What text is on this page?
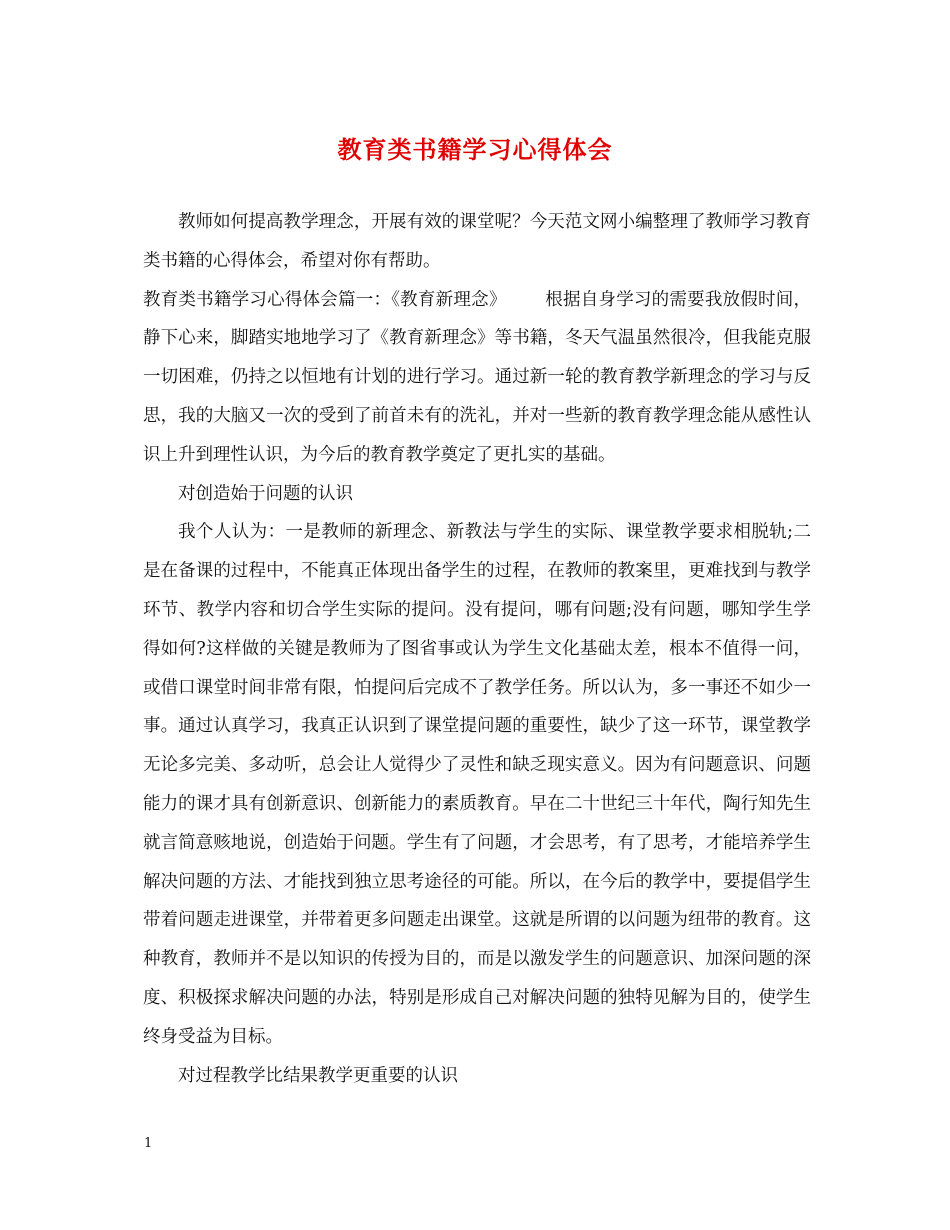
教育类书籍学习心得体会

教师如何提高教学理念，开展有效的课堂呢？今天范文网小编整理了教师学习教育类书籍的心得体会，希望对你有帮助。

教育类书籍学习心得体会篇一：《教育新理念》 根据自身学习的需要我放假时间，静下心来，脚踏实地地学习了《教育新理念》等书籍，冬天气温虽然很冷，但我能克服一切困难，仍持之以恒地有计划的进行学习。通过新一轮的教育教学新理念的学习与反思，我的大脑又一次的受到了前首未有的洗礼，并对一些新的教育教学理念能从感性认识上升到理性认识，为今后的教育教学奠定了更扎实的基础。

对创造始于问题的认识

我个人认为：一是教师的新理念、新教法与学生的实际、课堂教学要求相脱轨;二是在备课的过程中，不能真正体现出备学生的过程，在教师的教案里，更难找到与教学环节、教学内容和切合学生实际的提问。没有提问，哪有问题;没有问题，哪知学生学得如何?这样做的关键是教师为了图省事或认为学生文化基础太差，根本不值得一问，或借口课堂时间非常有限，怕提问后完成不了教学任务。所以认为，多一事还不如少一事。通过认真学习，我真正认识到了课堂提问题的重要性，缺少了这一环节，课堂教学无论多完美、多动听，总会让人觉得少了灵性和缺乏现实意义。因为有问题意识、问题能力的课才具有创新意识、创新能力的素质教育。早在二十世纪三十年代，陶行知先生就言简意赅地说，创造始于问题。学生有了问题，才会思考，有了思考，才能培养学生解决问题的方法、才能找到独立思考途径的可能。所以，在今后的教学中，要提倡学生带着问题走进课堂，并带着更多问题走出课堂。这就是所谓的以问题为纽带的教育。这种教育，教师并不是以知识的传授为目的，而是以激发学生的问题意识、加深问题的深度、积极探求解决问题的办法，特别是形成自己对解决问题的独特见解为目的，使学生终身受益为目标。

对过程教学比结果教学更重要的认识

1
